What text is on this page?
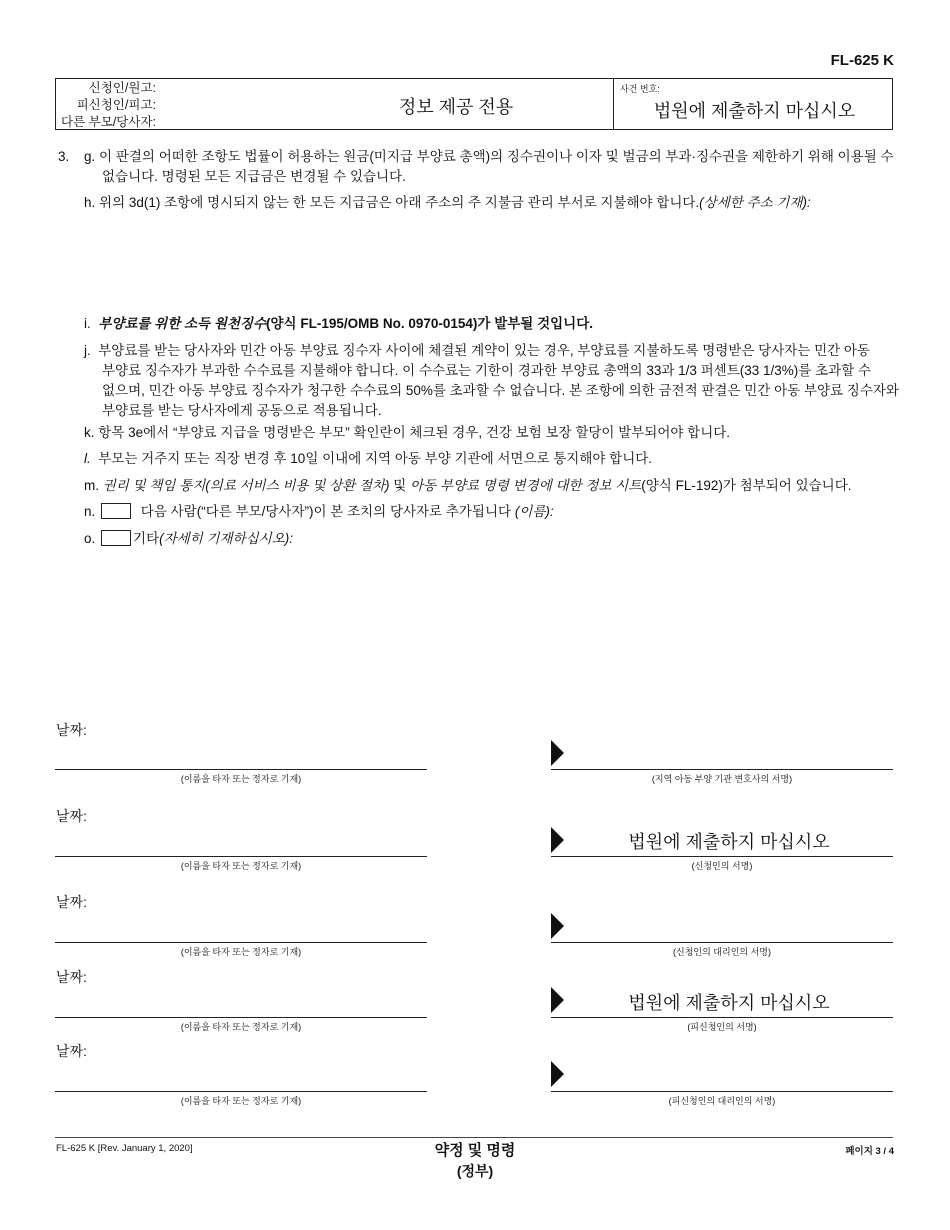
FL-625 K
신청인/원고:
피신청인/피고:
다른 부모/당사자:
정보 제공 전용
사건 번호:
법원에 제출하지 마십시오
3. g. 이 판결의 어떠한 조항도 법률이 허용하는 원금(미지급 부양료 총액)의 징수권이나 이자 및 벌금의 부과·징수권을 제한하기 위해 이용될 수
없습니다. 명령된 모든 지급금은 변경될 수 있습니다.
h. 위의 3d(1) 조항에 명시되지 않는 한 모든 지급금은 아래 주소의 주 지불금 관리 부서로 지불해야 합니다.(상세한 주소 기재):
i. 부양료를 위한 소득 원천징수(양식 FL-195/OMB No. 0970-0154)가 발부될 것입니다.
j. 부양료를 받는 당사자와 민간 아동 부양료 징수자 사이에 체결된 계약이 있는 경우, 부양료를 지불하도록 명령받은 당사자는 민간 아동
부양료 징수자가 부과한 수수료를 지불해야 합니다. 이 수수료는 기한이 경과한 부양료 총액의 33과 1/3 퍼센트(33 1/3%)를 초과할 수
없으며, 민간 아동 부양료 징수자가 청구한 수수료의 50%를 초과할 수 없습니다. 본 조항에 의한 금전적 판결은 민간 아동 부양료 징수자와
부양료를 받는 당사자에게 공동으로 적용됩니다.
k. 항목 3e에서 “부양료 지급을 명령받은 부모” 확인란이 체크된 경우, 건강 보험 보장 할당이 발부되어야 합니다.
l. 부모는 거주지 또는 직장 변경 후 10일 이내에 지역 아동 부양 기관에 서면으로 통지해야 합니다.
m. 권리 및 책임 통지(의료 서비스 비용 및 상환 절차) 및 아동 부양료 명령 변경에 대한 정보 시트(양식 FL-192)가 첨부되어 있습니다.
n.	다음 사람(“다른 부모/당사자”)이 본 조치의 당사자로 추가됩니다 (이름):
o.	기타(자세히 기재하십시오):
날짜:
(이름을 타자 또는 정자로 기재)	(지역 아동 부양 기관 변호사의 서명)
날짜:
(이름을 타자 또는 정자로 기재)
법원에 제출하지 마십시오
(신청인의 서명)
날짜:
(이름을 타자 또는 정자로 기재)	(신청인의 대리인의 서명)
날짜:
(이름을 타자 또는 정자로 기재)
법원에 제출하지 마십시오
(피신청인의 서명)
날짜:
(이름을 타자 또는 정자로 기재)	(피신청인의 대리인의 서명)
FL-625 K [Rev. January 1, 2020]	약정 및 명령
(정부)
페이지 3 / 4
